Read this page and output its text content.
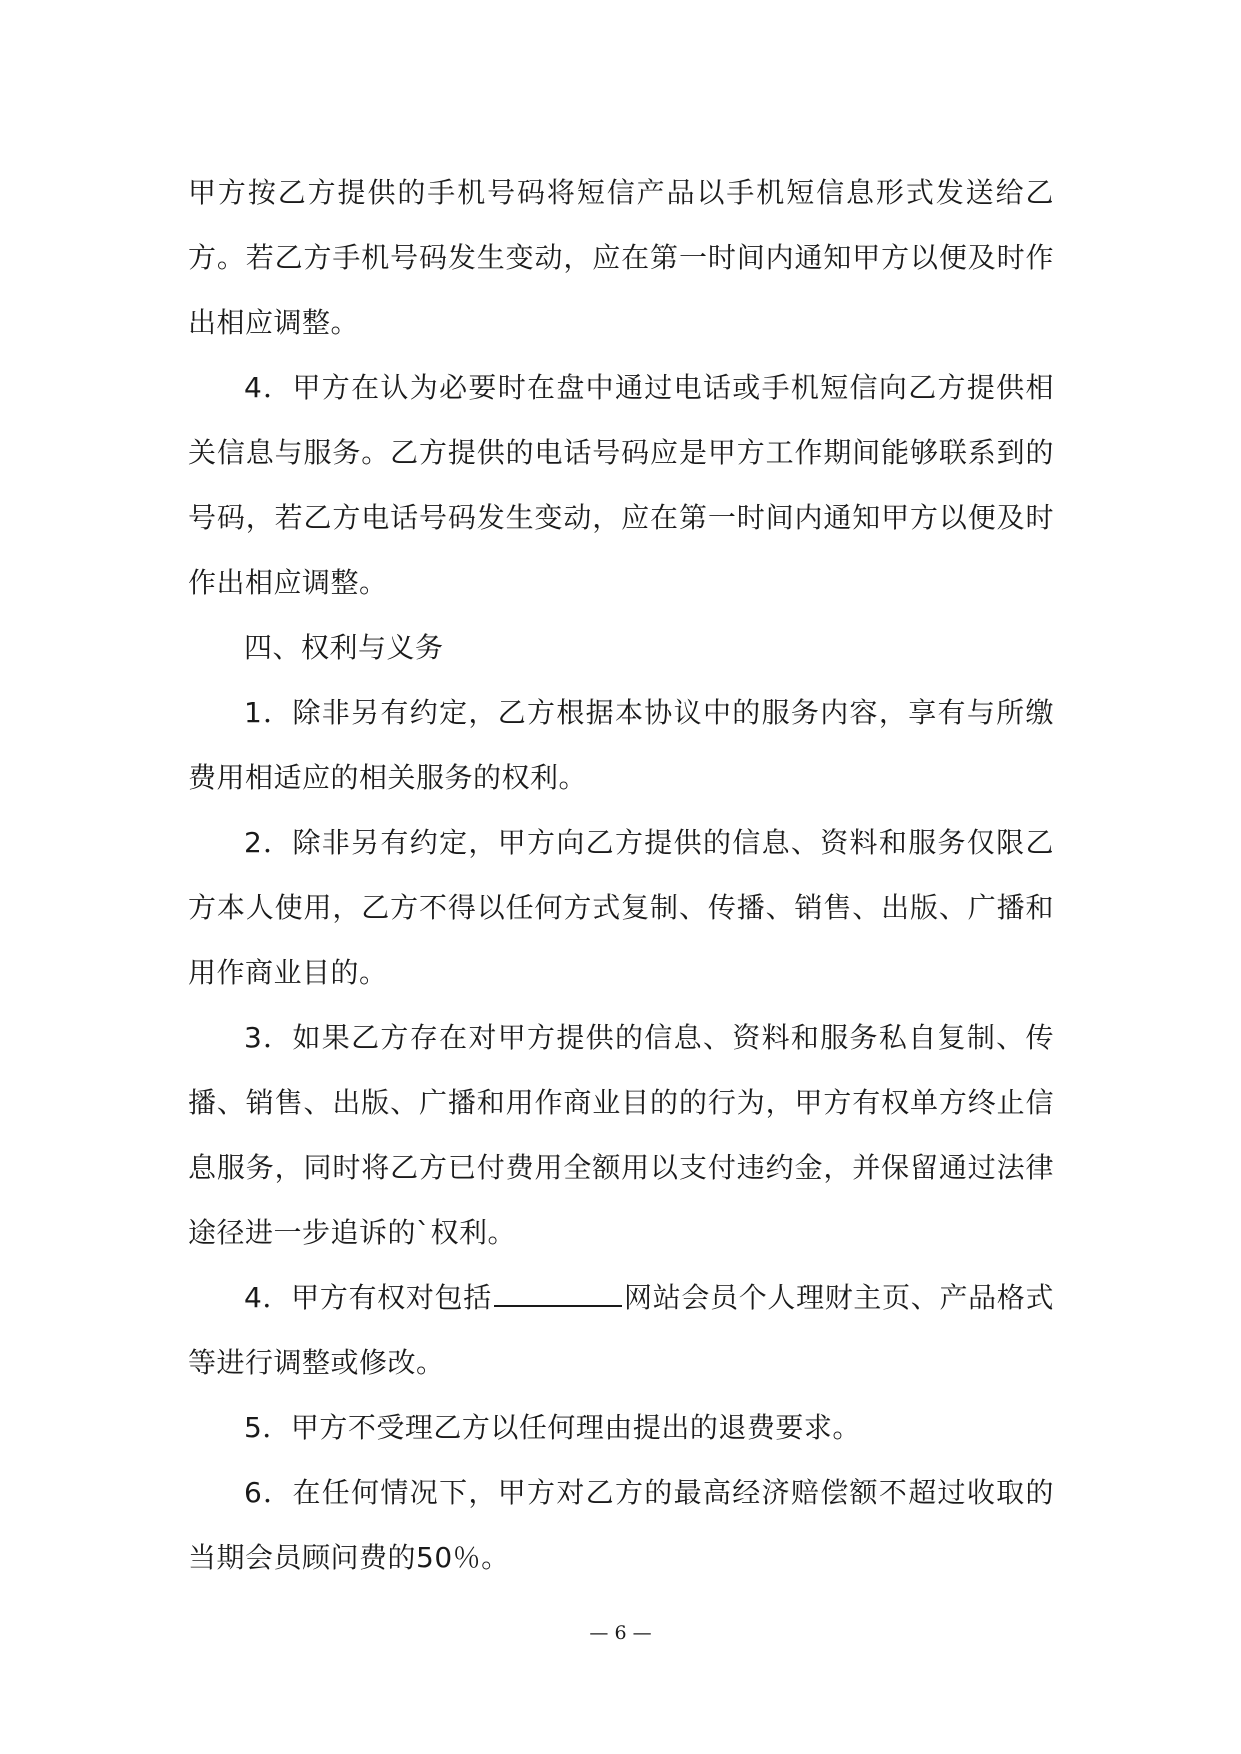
甲方按乙方提供的手机号码将短信产品以手机短信息形式发送给乙方。若乙方手机号码发生变动，应在第一时间内通知甲方以便及时作出相应调整。

4．甲方在认为必要时在盘中通过电话或手机短信向乙方提供相关信息与服务。乙方提供的电话号码应是甲方工作期间能够联系到的号码，若乙方电话号码发生变动，应在第一时间内通知甲方以便及时作出相应调整。

四、权利与义务

1．除非另有约定，乙方根据本协议中的服务内容，享有与所缴费用相适应的相关服务的权利。

2．除非另有约定，甲方向乙方提供的信息、资料和服务仅限乙方本人使用，乙方不得以任何方式复制、传播、销售、出版、广播和用作商业目的。

3．如果乙方存在对甲方提供的信息、资料和服务私自复制、传播、销售、出版、广播和用作商业目的的行为，甲方有权单方终止信息服务，同时将乙方已付费用全额用以支付违约金，并保留通过法律途径进一步追诉的`权利。

4．甲方有权对包括	网站会员个人理财主页、产品格式等进行调整或修改。

5．甲方不受理乙方以任何理由提出的退费要求。

6．在任何情况下，甲方对乙方的最高经济赔偿额不超过收取的当期会员顾问费的50％。

— 6 —
